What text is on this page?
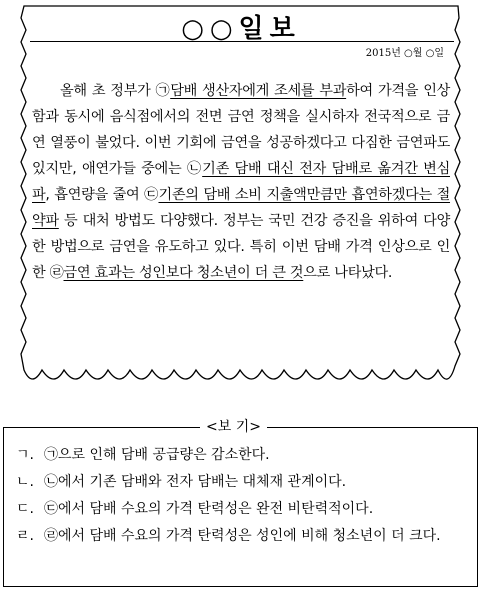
○○일보
2015년 ○월 ○일

올해 초 정부가 ㉠담배 생산자에게 조세를 부과하여 가격을 인상함과 동시에 음식점에서의 전면 금연 정책을 실시하자 전국적으로 금연 열풍이 불었다. 이번 기회에 금연을 성공하겠다고 다짐한 금연파도 있지만, 애연가들 중에는 ㉡기존 담배 대신 전자 담배로 옮겨간 변심파, 흡연량을 줄여 ㉢기존의 담배 소비 지출액만큼만 흡연하겠다는 절약파 등 대처 방법도 다양했다. 정부는 국민 건강 증진을 위하여 다양한 방법으로 금연을 유도하고 있다. 특히 이번 담배 가격 인상으로 인한 ㉣금연 효과는 성인보다 청소년이 더 큰 것으로 나타났다.

<보 기>
ㄱ. ㉠으로 인해 담배 공급량은 감소한다.
ㄴ. ㉡에서 기존 담배와 전자 담배는 대체재 관계이다.
ㄷ. ㉢에서 담배 수요의 가격 탄력성은 완전 비탄력적이다.
ㄹ. ㉣에서 담배 수요의 가격 탄력성은 성인에 비해 청소년이 더 크다.
